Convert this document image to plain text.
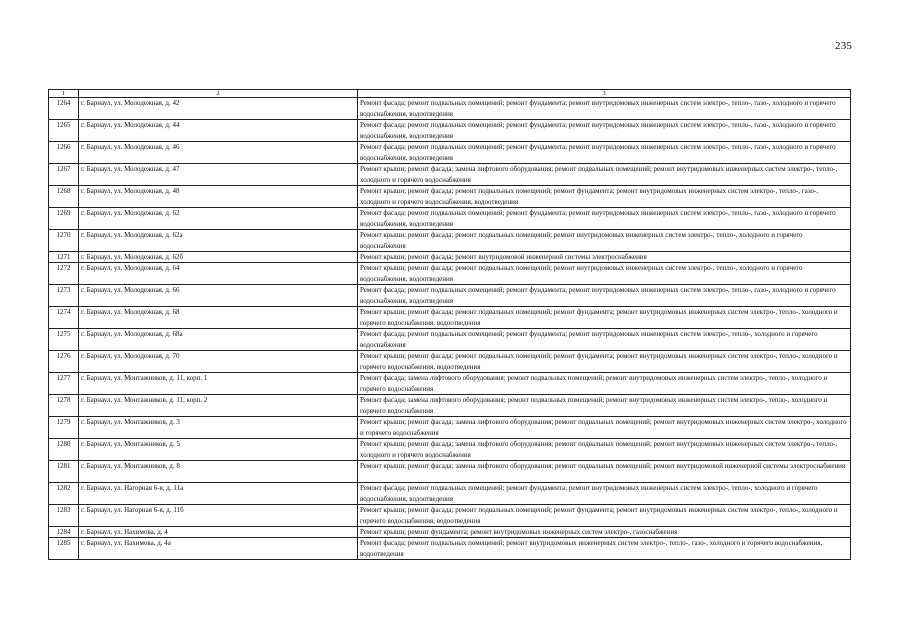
235
1	2	3
1264	г. Барнаул, ул. Молодежная, д. 42	Ремонт фасада; ремонт подвальных помещений; ремонт фундамента; ремонт внутридомовых инженерных систем электро-, тепло-, газо-, холодного и горячего водоснабжения, водоотведения
1265	г. Барнаул, ул. Молодежная, д. 44	Ремонт фасада; ремонт подвальных помещений; ремонт фундамента; ремонт внутридомовых инженерных систем электро-, тепло-, газо-, холодного и горячего водоснабжения, водоотведения
1266	г. Барнаул, ул. Молодежная, д. 46	Ремонт фасада; ремонт подвальных помещений; ремонт фундамента; ремонт внутридомовых инженерных систем электро-, тепло-, газо-, холодного и горячего водоснабжения, водоотведения
1267	г. Барнаул, ул. Молодежная, д. 47	Ремонт крыши; ремонт фасада; замена лифтового оборудования; ремонт подвальных помещений; ремонт внутридомовых инженерных систем электро-, тепло-, холодного и горячего водоснабжения
1268	г. Барнаул, ул. Молодежная, д. 48	Ремонт крыши; ремонт фасада; ремонт подвальных помещений; ремонт фундамента; ремонт внутридомовых инженерных систем электро-, тепло-, газо-, холодного и горячего водоснабжения, водоотведения
1269	г. Барнаул, ул. Молодежная, д. 62	Ремонт фасада; ремонт подвальных помещений; ремонт фундамента; ремонт внутридомовых инженерных систем электро-, тепло-, газо-, холодного и горячего водоснабжения, водоотведения
1270	г. Барнаул, ул. Молодежная, д. 62а	Ремонт крыши; ремонт фасада; ремонт подвальных помещений; ремонт внутридомовых инженерных систем электро-, тепло-, холодного и горячего водоснабжения
1271	г. Барнаул, ул. Молодежная, д. 62б	Ремонт крыши; ремонт фасада; ремонт внутридомовой инженерной системы электроснабжения
1272	г. Барнаул, ул. Молодежная, д. 64	Ремонт крыши; ремонт фасада; ремонт подвальных помещений; ремонт внутридомовых инженерных систем электро-, тепло-, холодного и горячего водоснабжения, водоотведения
1273	г. Барнаул, ул. Молодежная, д. 66	Ремонт фасада; ремонт подвальных помещений; ремонт фундамента; ремонт внутридомовых инженерных систем электро-, тепло-, газо-, холодного и горячего водоснабжения, водоотведения
1274	г. Барнаул, ул. Молодежная, д. 68	Ремонт крыши; ремонт фасада; ремонт подвальных помещений; ремонт фундамента; ремонт внутридомовых инженерных систем электро-, тепло-, холодного и горячего водоснабжения, водоотведения
1275	г. Барнаул, ул. Молодежная, д. 68а	Ремонт фасада; ремонт подвальных помещений; ремонт фундамента; ремонт внутридомовых инженерных систем электро-, тепло-, холодного и горячего водоснабжения
1276	г. Барнаул, ул. Молодежная, д. 70	Ремонт крыши; ремонт фасада; ремонт подвальных помещений; ремонт фундамента; ремонт внутридомовых инженерных систем электро-, тепло-, холодного и горячего водоснабжения, водоотведения
1277	г. Барнаул, ул. Монтажников, д. 11, корп. 1	Ремонт фасада; замена лифтового оборудования; ремонт подвальных помещений; ремонт внутридомовых инженерных систем электро-, тепло-, холодного и горячего водоснабжения
1278	г. Барнаул, ул. Монтажников, д. 11, корп. 2	Ремонт фасада; замена лифтового оборудования; ремонт подвальных помещений; ремонт внутридомовых инженерных систем электро-, тепло-, холодного и горячего водоснабжения
1279	г. Барнаул, ул. Монтажников, д. 3	Ремонт крыши; ремонт фасада; замена лифтового оборудования; ремонт подвальных помещений; ремонт внутридомовых инженерных систем электро-, холодного и горячего водоснабжения
1280	г. Барнаул, ул. Монтажников, д. 5	Ремонт крыши; ремонт фасада; замена лифтового оборудования; ремонт подвальных помещений; ремонт внутридомовых инженерных систем электро-, тепло-, холодного и горячего водоснабжения
1281	г. Барнаул, ул. Монтажников, д. 8	Ремонт крыши; ремонт фасада; замена лифтового оборудования; ремонт подвальных помещений; ремонт внутридомовой инженерной системы электроснабжения
1282	г. Барнаул, ул. Нагорная 6-я, д. 11а	Ремонт фасада; ремонт подвальных помещений; ремонт фундамента; ремонт внутридомовых инженерных систем электро-, тепло-, холодного и горячего водоснабжения, водоотведения
1283	г. Барнаул, ул. Нагорная 6-я, д. 11б	Ремонт крыши; ремонт фасада; ремонт подвальных помещений; ремонт фундамента; ремонт внутридомовых инженерных систем электро-, тепло-, холодного и горячего водоснабжения, водоотведения
1284	г. Барнаул, ул. Нахимова, д. 4	Ремонт крыши; ремонт фундамента; ремонт внутридомовых инженерных систем электро-, газоснабжения
1285	г. Барнаул, ул. Нахимова, д. 4а	Ремонт фасада; ремонт подвальных помещений; ремонт внутридомовых инженерных систем электро-, тепло-, газо-, холодного и горячего водоснабжения, водоотведения
